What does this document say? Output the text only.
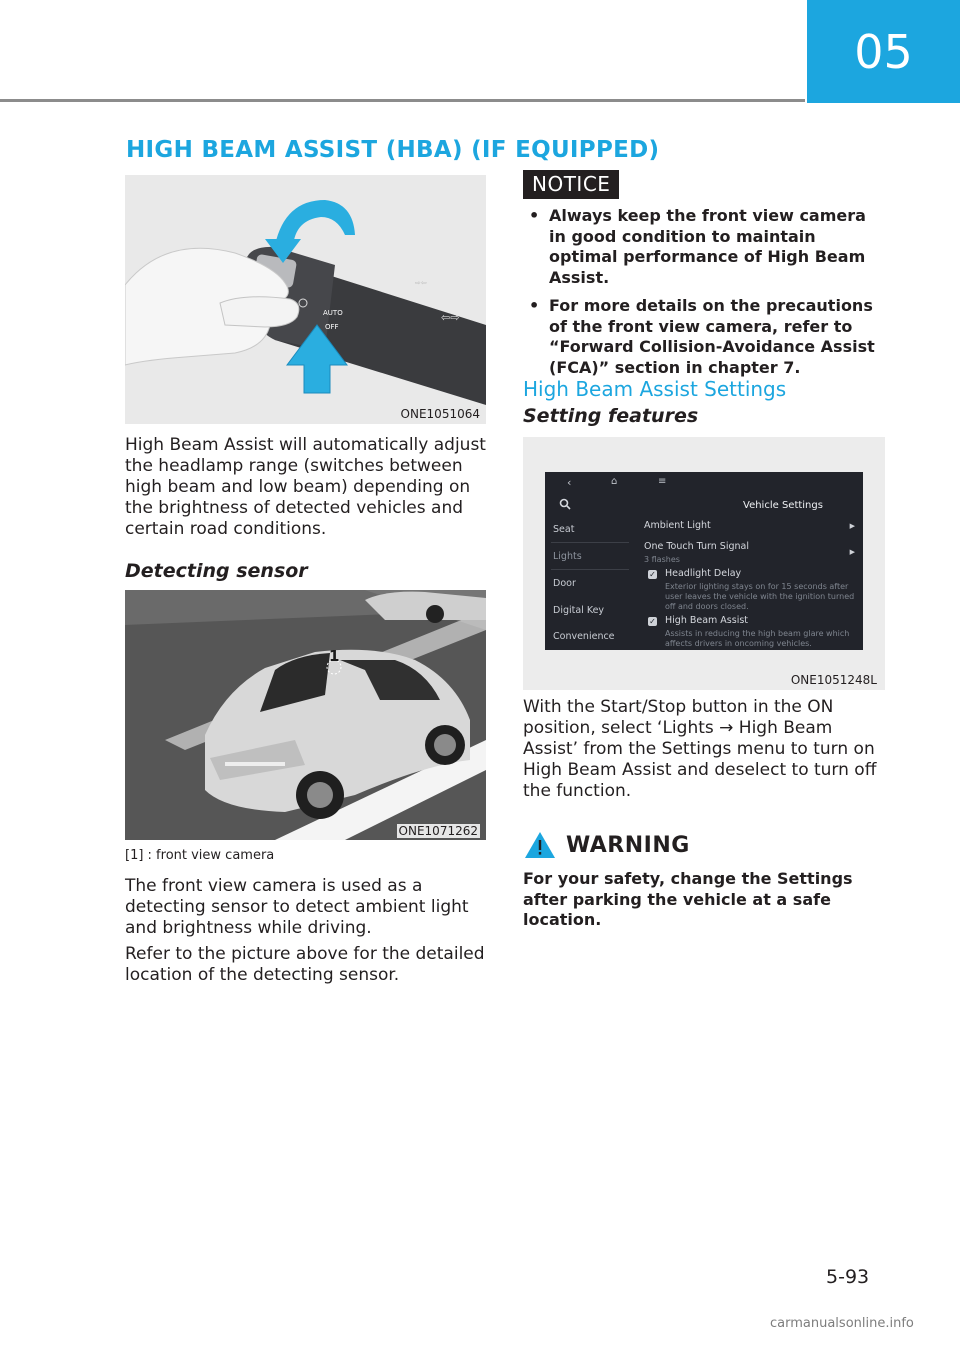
05
HIGH BEAM ASSIST (HBA) (IF EQUIPPED)
AUTO
OFF
⇨⇦
⇦⇨
ONE1051064

High Beam Assist will automatically adjust the headlamp range (switches between high beam and low beam) depending on the brightness of detected vehicles and certain road conditions.

Detecting sensor
1
ONE1071262

[1] : front view camera

The front view camera is used as a detecting sensor to detect ambient light and brightness while driving.

Refer to the picture above for the detailed location of the detecting sensor.

NOTICE
• Always keep the front view camera in good condition to maintain optimal performance of High Beam Assist.
• For more details on the precautions of the front view camera, refer to “Forward Collision-Avoidance Assist (FCA)” section in chapter 7.
High Beam Assist Settings
Setting features
‹	⌂	≡
Seat
Lights
Door
Digital Key
Convenience
Vehicle Settings
Ambient Light	▶
One Touch Turn Signal	▶
3 flashes
✓ Headlight Delay
Exterior lighting stays on for 15 seconds after user leaves the vehicle with the ignition turned off and doors closed.
✓ High Beam Assist
Assists in reducing the high beam glare which affects drivers in oncoming vehicles.
ONE1051248L

With the Start/Stop button in the ON position, select ‘Lights → High Beam Assist’ from the Settings menu to turn on High Beam Assist and deselect to turn off the function.

WARNING

For your safety, change the Settings after parking the vehicle at a safe location.

5-93
carmanualsonline.info
